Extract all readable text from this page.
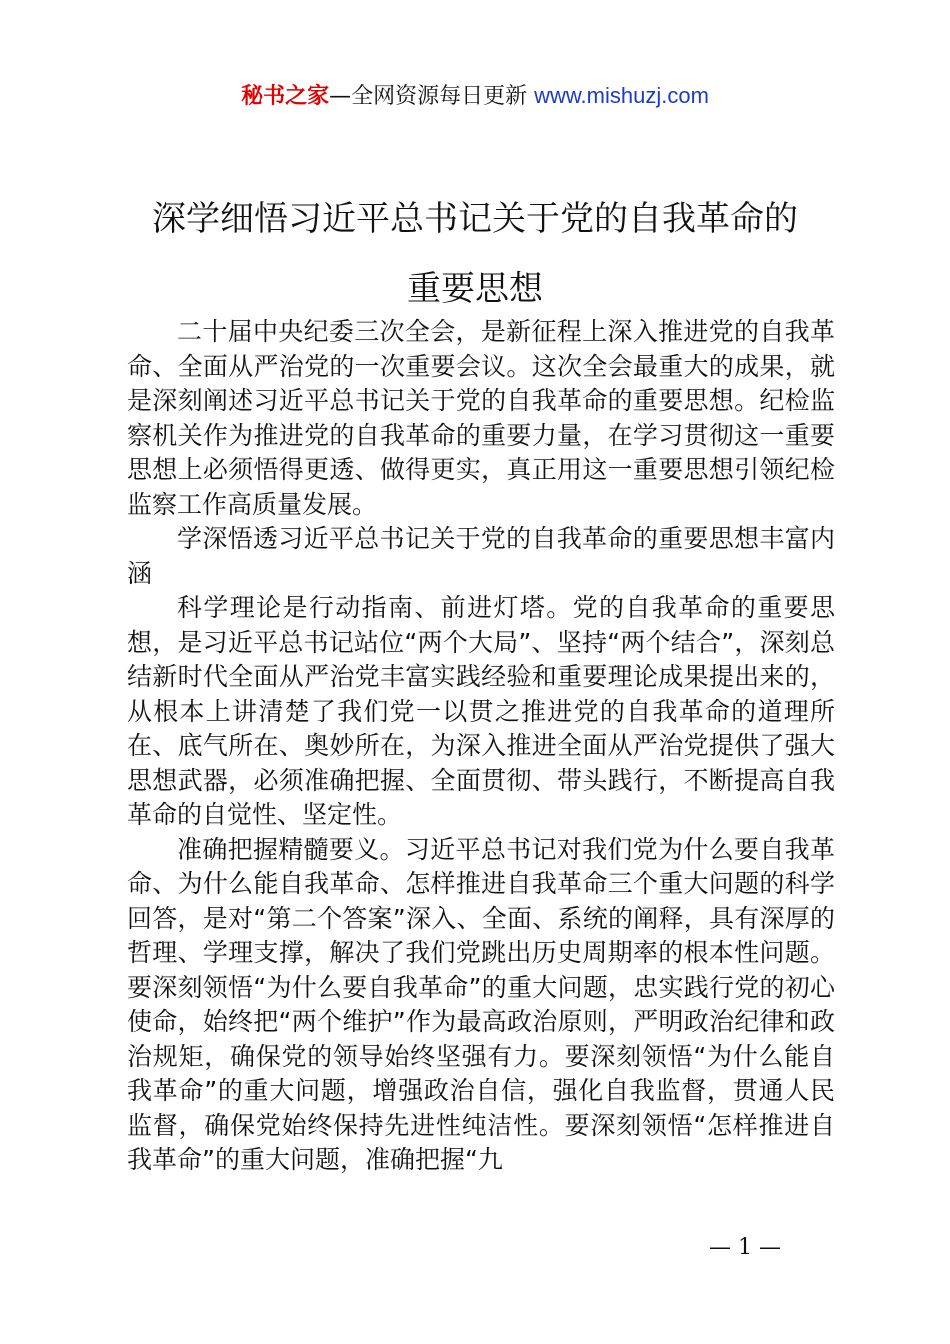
秘书之家—全网资源每日更新 www.mishuzj.com
深学细悟习近平总书记关于党的自我革命的
重要思想

二十届中央纪委三次全会，是新征程上深入推进党的自我革命、全面从严治党的一次重要会议。这次全会最重大的成果，就是深刻阐述习近平总书记关于党的自我革命的重要思想。纪检监察机关作为推进党的自我革命的重要力量，在学习贯彻这一重要思想上必须悟得更透、做得更实，真正用这一重要思想引领纪检监察工作高质量发展。

学深悟透习近平总书记关于党的自我革命的重要思想丰富内涵

科学理论是行动指南、前进灯塔。党的自我革命的重要思想，是习近平总书记站位“两个大局”、坚持“两个结合”，深刻总结新时代全面从严治党丰富实践经验和重要理论成果提出来的，从根本上讲清楚了我们党一以贯之推进党的自我革命的道理所在、底气所在、奥妙所在，为深入推进全面从严治党提供了强大思想武器，必须准确把握、全面贯彻、带头践行，不断提高自我革命的自觉性、坚定性。

准确把握精髓要义。习近平总书记对我们党为什么要自我革命、为什么能自我革命、怎样推进自我革命三个重大问题的科学回答，是对“第二个答案”深入、全面、系统的阐释，具有深厚的哲理、学理支撑，解决了我们党跳出历史周期率的根本性问题。要深刻领悟“为什么要自我革命”的重大问题，忠实践行党的初心使命，始终把“两个维护”作为最高政治原则，严明政治纪律和政治规矩，确保党的领导始终坚强有力。要深刻领悟“为什么能自我革命”的重大问题，增强政治自信，强化自我监督，贯通人民监督，确保党始终保持先进性纯洁性。要深刻领悟“怎样推进自我革命”的重大问题，准确把握“九

— 1 —
